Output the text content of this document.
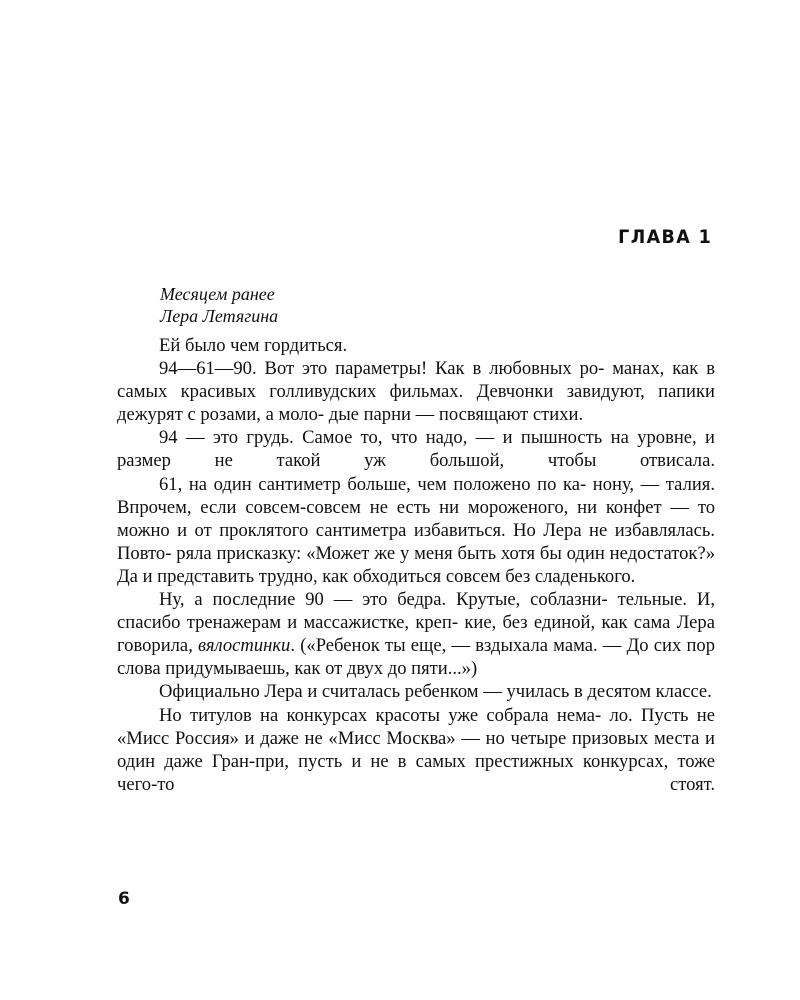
ГЛАВА 1
Месяцем ранее
Лера Летягина

Ей было чем гордиться.

94—61—90. Вот это параметры! Как в любовных ро- манах, как в самых красивых голливудских фильмах. Девчонки завидуют, папики дежурят с розами, а моло- дые парни — посвящают стихи.

94 — это грудь. Самое то, что надо, — и пышность на уровне, и размер не такой уж большой, чтобы отвисала.

61, на один сантиметр больше, чем положено по ка- нону, — талия. Впрочем, если совсем-совсем не есть ни мороженого, ни конфет — то можно и от проклятого сантиметра избавиться. Но Лера не избавлялась. Повто- ряла присказку: «Может же у меня быть хотя бы один недостаток?» Да и представить трудно, как обходиться совсем без сладенького.

Ну, а последние 90 — это бедра. Крутые, соблазни- тельные. И, спасибо тренажерам и массажистке, креп- кие, без единой, как сама Лера говорила, вялостинки. («Ребенок ты еще, — вздыхала мама. — До сих пор слова придумываешь, как от двух до пяти...»)

Официально Лера и считалась ребенком — училась в десятом классе.

Но титулов на конкурсах красоты уже собрала нема- ло. Пусть не «Мисс Россия» и даже не «Мисс Москва» — но четыре призовых места и один даже Гран-при, пусть и не в самых престижных конкурсах, тоже чего-то стоят.

6
